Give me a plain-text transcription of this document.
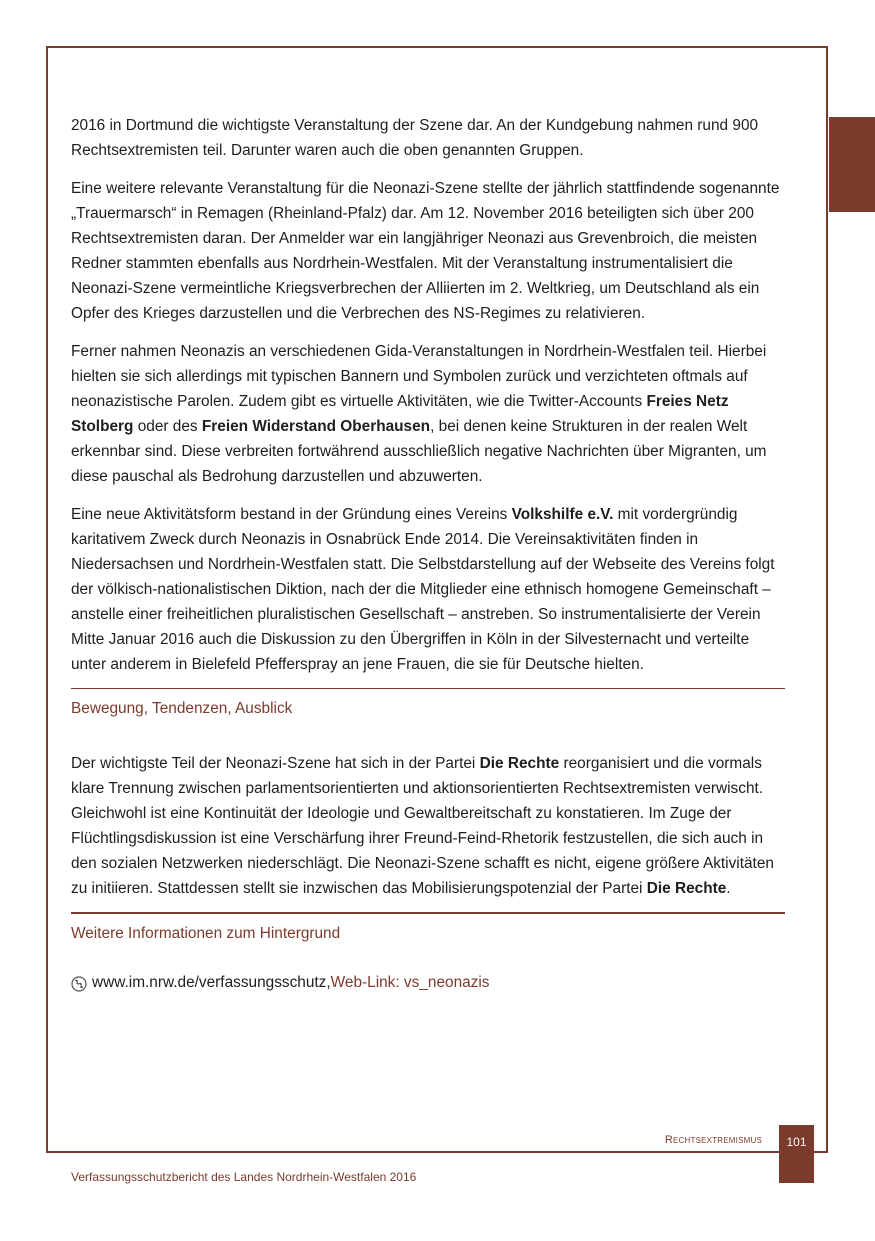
2016 in Dortmund die wichtigste Veranstaltung der Szene dar. An der Kundgebung nahmen rund 900 Rechtsextremisten teil. Darunter waren auch die oben genannten Gruppen.

Eine weitere relevante Veranstaltung für die Neonazi-Szene stellte der jährlich stattfindende sogenannte „Trauermarsch“ in Remagen (Rheinland-Pfalz) dar. Am 12. November 2016 beteiligten sich über 200 Rechtsextremisten daran. Der Anmelder war ein langjähriger Neonazi aus Grevenbroich, die meisten Redner stammten ebenfalls aus Nordrhein-Westfalen. Mit der Veranstaltung instrumentalisiert die Neonazi-Szene vermeintliche Kriegsverbrechen der Alliierten im 2. Weltkrieg, um Deutschland als ein Opfer des Krieges darzustellen und die Verbrechen des NS-Regimes zu relativieren.

Ferner nahmen Neonazis an verschiedenen Gida-Veranstaltungen in Nordrhein-Westfalen teil. Hierbei hielten sie sich allerdings mit typischen Bannern und Symbolen zurück und verzichteten oftmals auf neonazistische Parolen. Zudem gibt es virtuelle Aktivitäten, wie die Twitter-Accounts Freies Netz Stolberg oder des Freien Widerstand Oberhausen, bei denen keine Strukturen in der realen Welt erkennbar sind. Diese verbreiten fortwährend ausschließlich negative Nachrichten über Migranten, um diese pauschal als Bedrohung darzustellen und abzuwerten.

Eine neue Aktivitätsform bestand in der Gründung eines Vereins Volkshilfe e.V. mit vordergründig karitativem Zweck durch Neonazis in Osnabrück Ende 2014. Die Vereinsaktivitäten finden in Niedersachsen und Nordrhein-Westfalen statt. Die Selbstdarstellung auf der Webseite des Vereins folgt der völkisch-nationalistischen Diktion, nach der die Mitglieder eine ethnisch homogene Gemeinschaft – anstelle einer freiheitlichen pluralistischen Gesellschaft – anstreben. So instrumentalisierte der Verein Mitte Januar 2016 auch die Diskussion zu den Übergriffen in Köln in der Silvesternacht und verteilte unter anderem in Bielefeld Pfefferspray an jene Frauen, die sie für Deutsche hielten.

Bewegung, Tendenzen, Ausblick

Der wichtigste Teil der Neonazi-Szene hat sich in der Partei Die Rechte reorganisiert und die vormals klare Trennung zwischen parlamentsorientierten und aktionsorientierten Rechtsextremisten verwischt. Gleichwohl ist eine Kontinuität der Ideologie und Gewaltbereitschaft zu konstatieren. Im Zuge der Flüchtlingsdiskussion ist eine Verschärfung ihrer Freund-Feind-Rhetorik festzustellen, die sich auch in den sozialen Netzwerken niederschlägt. Die Neonazi-Szene schafft es nicht, eigene größere Aktivitäten zu initiieren. Stattdessen stellt sie inzwischen das Mobilisierungspotenzial der Partei Die Rechte.

Weitere Informationen zum Hintergrund
www.im.nrw.de/verfassungsschutz , Web-Link: vs_neonazis
Rechtsextremismus	101
Verfassungsschutzbericht des Landes Nordrhein-Westfalen 2016
